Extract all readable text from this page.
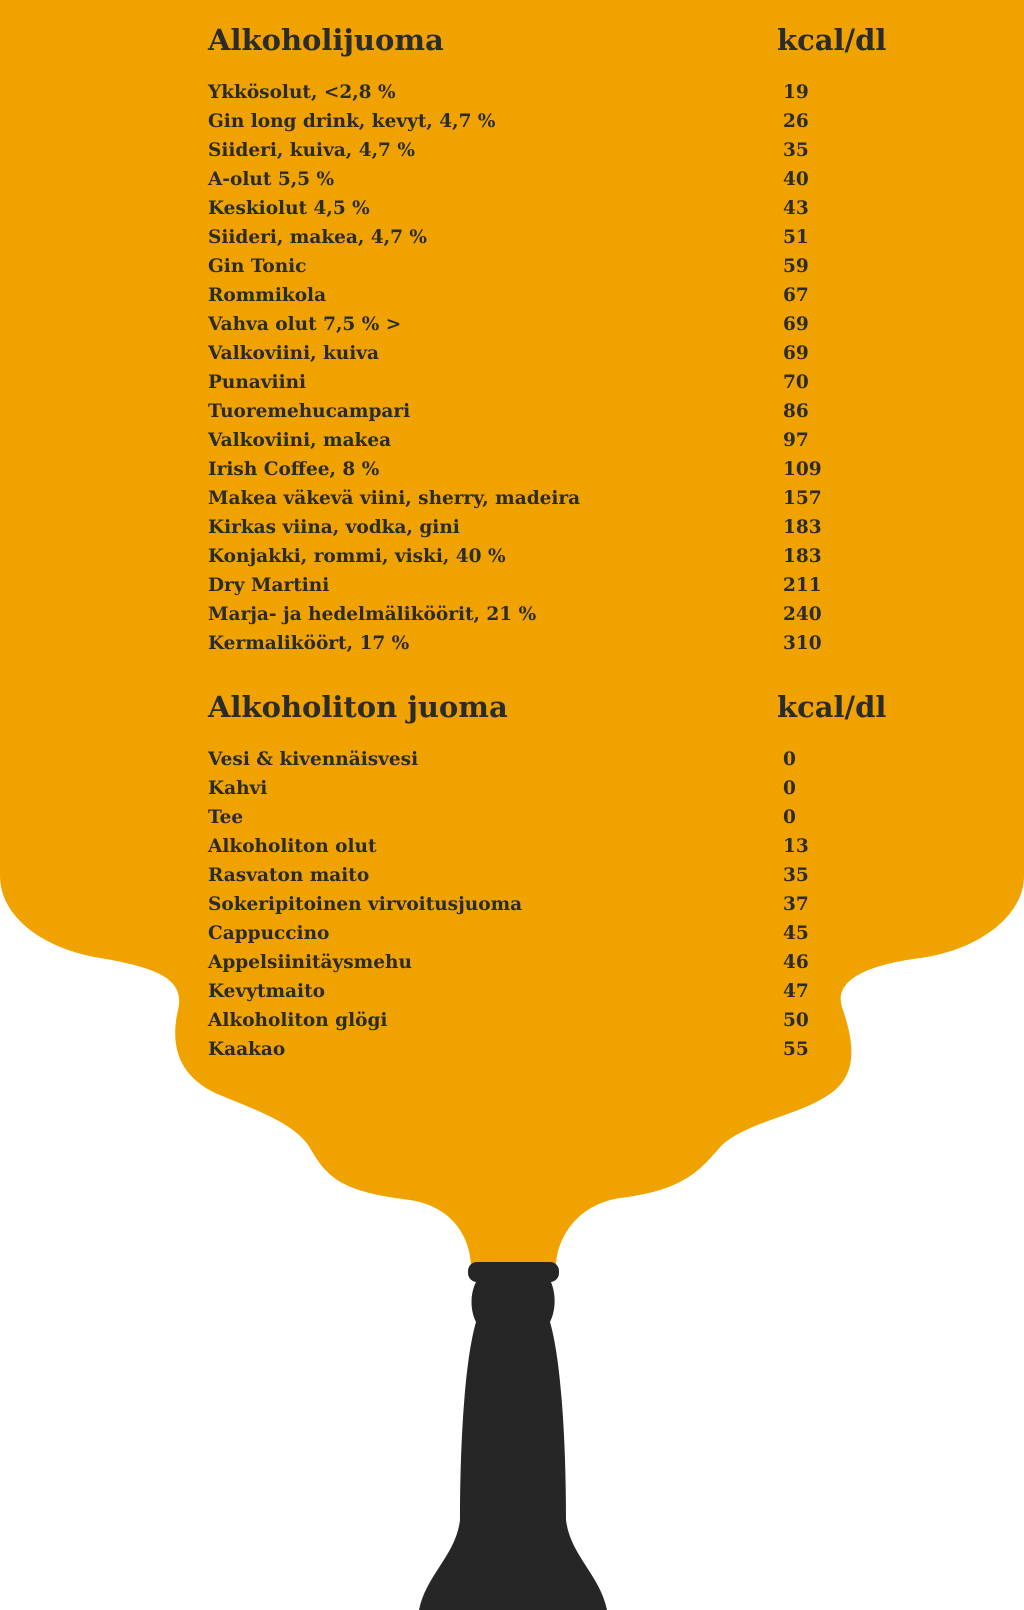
Alkoholijuoma	kcal/dl
Ykkösolut, <2,8 %	19
Gin long drink, kevyt, 4,7 %	26
Siideri, kuiva, 4,7 %	35
A-olut 5,5 %	40
Keskiolut 4,5 %	43
Siideri, makea, 4,7 %	51
Gin Tonic	59
Rommikola	67
Vahva olut 7,5 % >	69
Valkoviini, kuiva	69
Punaviini	70
Tuoremehucampari	86
Valkoviini, makea	97
Irish Coffee, 8 %	109
Makea väkevä viini, sherry, madeira	157
Kirkas viina, vodka, gini	183
Konjakki, rommi, viski, 40 %	183
Dry Martini	211
Marja- ja hedelmäliköörit, 21 %	240
Kermaliköört, 17 %	310
Alkoholiton juoma	kcal/dl
Vesi & kivennäisvesi	0
Kahvi	0
Tee	0
Alkoholiton olut	13
Rasvaton maito	35
Sokeripitoinen virvoitusjuoma	37
Cappuccino	45
Appelsiinitäysmehu	46
Kevytmaito	47
Alkoholiton glögi	50
Kaakao	55
